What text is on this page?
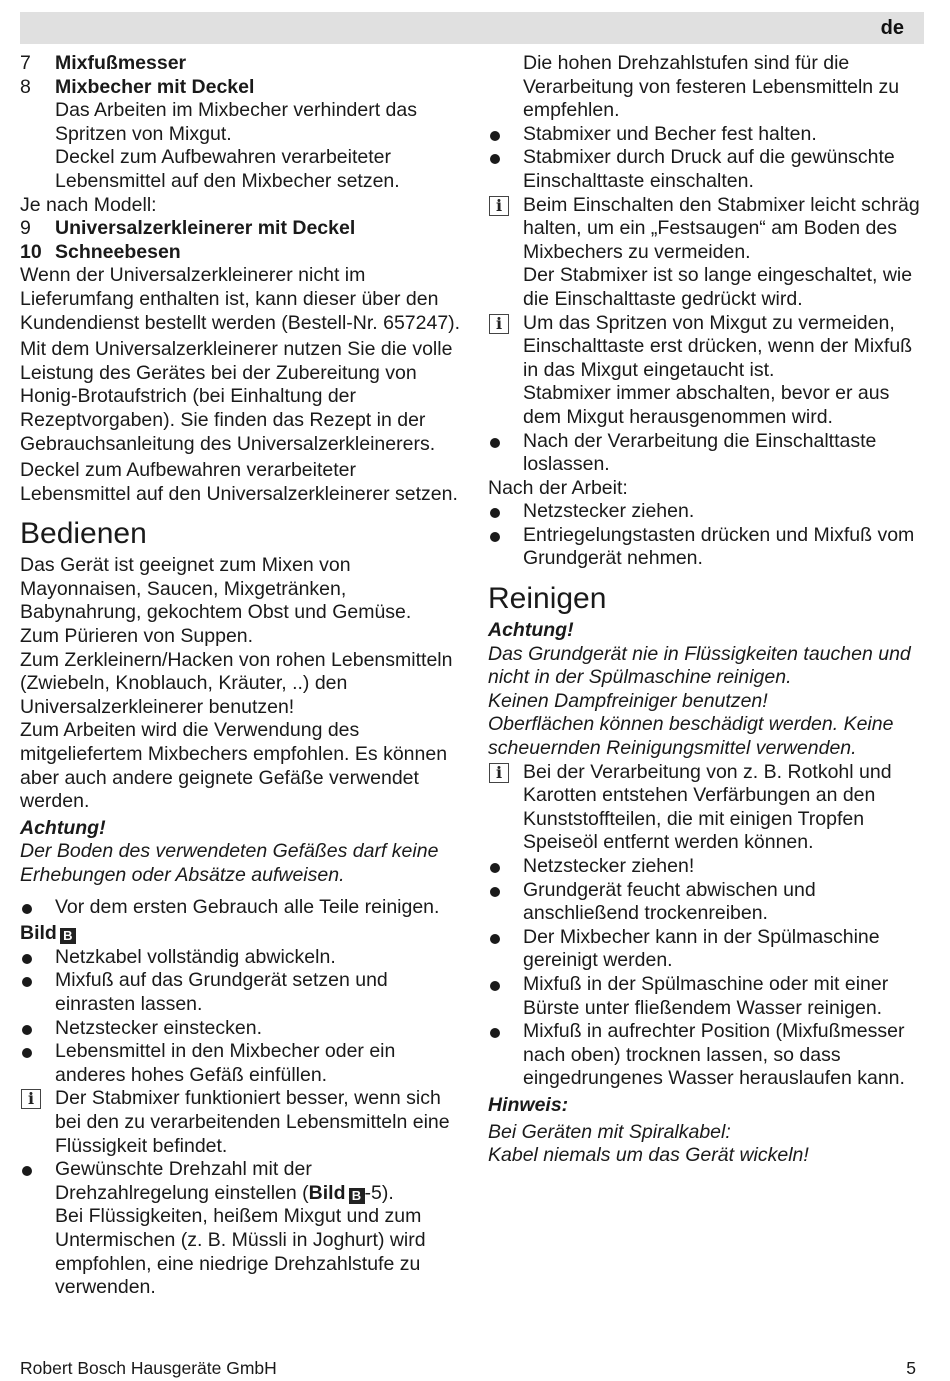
de
7	Mixfußmesser
8	Mixbecher mit Deckel

Das Arbeiten im Mixbecher verhindert das Spritzen von Mixgut.

Deckel zum Aufbewahren verarbeiteter Lebensmittel auf den Mixbecher setzen.

Je nach Modell:

9	Universalzerkleinerer mit Deckel
10 Schneebesen

Wenn der Universalzerkleinerer nicht im Lieferumfang enthalten ist, kann dieser über den Kundendienst bestellt werden (Bestell-Nr. 657247).

Mit dem Universalzerkleinerer nutzen Sie die volle Leistung des Gerätes bei der Zubereitung von Honig-Brotaufstrich (bei Einhaltung der Rezeptvorgaben). Sie finden das Rezept in der Gebrauchsanleitung des Universalzerkleinerers.

Deckel zum Aufbewahren verarbeiteter Lebensmittel auf den Universalzerkleinerer setzen.

Bedienen

Das Gerät ist geeignet zum Mixen von Mayonnaisen, Saucen, Mixgetränken, Babynahrung, gekochtem Obst und Gemüse.

Zum Pürieren von Suppen.

Zum Zerkleinern/Hacken von rohen Lebensmitteln (Zwiebeln, Knoblauch, Kräuter, ..) den Universalzerkleinerer benutzen!

Zum Arbeiten wird die Verwendung des mitgeliefertem Mixbechers empfohlen. Es können aber auch andere geignete Gefäße verwendet werden.

Achtung!

Der Boden des verwendeten Gefäßes darf keine Erhebungen oder Absätze aufweisen.

Vor dem ersten Gebrauch alle Teile reinigen.

Bild B

Netzkabel vollständig abwickeln.
Mixfuß auf das Grundgerät setzen und einrasten lassen.
Netzstecker einstecken.
Lebensmittel in den Mixbecher oder ein anderes hohes Gefäß einfüllen.
i	Der Stabmixer funktioniert besser, wenn sich bei den zu verarbeitenden Lebensmitteln eine Flüssigkeit befindet.
Gewünschte Drehzahl mit der Drehzahlregelung einstellen (Bild B -5).

Bei Flüssigkeiten, heißem Mixgut und zum Untermischen (z. B. Müssli in Joghurt) wird empfohlen, eine niedrige Drehzahlstufe zu verwenden.

Die hohen Drehzahlstufen sind für die Verarbeitung von festeren Lebensmitteln zu empfehlen.

Stabmixer und Becher fest halten.
Stabmixer durch Druck auf die gewünschte Einschalttaste einschalten.
i	Beim Einschalten den Stabmixer leicht schräg halten, um ein „Festsaugen“ am Boden des Mixbechers zu vermeiden.
Der Stabmixer ist so lange eingeschaltet, wie die Einschalttaste gedrückt wird.
i	Um das Spritzen von Mixgut zu vermeiden, Einschalttaste erst drücken, wenn der Mixfuß in das Mixgut eingetaucht ist.
Stabmixer immer abschalten, bevor er aus dem Mixgut herausgenommen wird.
Nach der Verarbeitung die Einschalttaste loslassen.

Nach der Arbeit:

Netzstecker ziehen.
Entriegelungstasten drücken und Mixfuß vom Grundgerät nehmen.
Reinigen

Achtung!

Das Grundgerät nie in Flüssigkeiten tauchen und nicht in der Spülmaschine reinigen.

Keinen Dampfreiniger benutzen!

Oberflächen können beschädigt werden. Keine scheuernden Reinigungsmittel verwenden.

i	Bei der Verarbeitung von z. B. Rotkohl und Karotten entstehen Verfärbungen an den Kunststoffteilen, die mit einigen Tropfen Speiseöl entfernt werden können.
Netzstecker ziehen!
Grundgerät feucht abwischen und anschließend trockenreiben.
Der Mixbecher kann in der Spülmaschine gereinigt werden.
Mixfuß in der Spülmaschine oder mit einer Bürste unter fließendem Wasser reinigen.
Mixfuß in aufrechter Position (Mixfußmesser nach oben) trocknen lassen, so dass eingedrungenes Wasser herauslaufen kann.

Hinweis:

Bei Geräten mit Spiralkabel:

Kabel niemals um das Gerät wickeln!

Robert Bosch Hausgeräte GmbH	5
